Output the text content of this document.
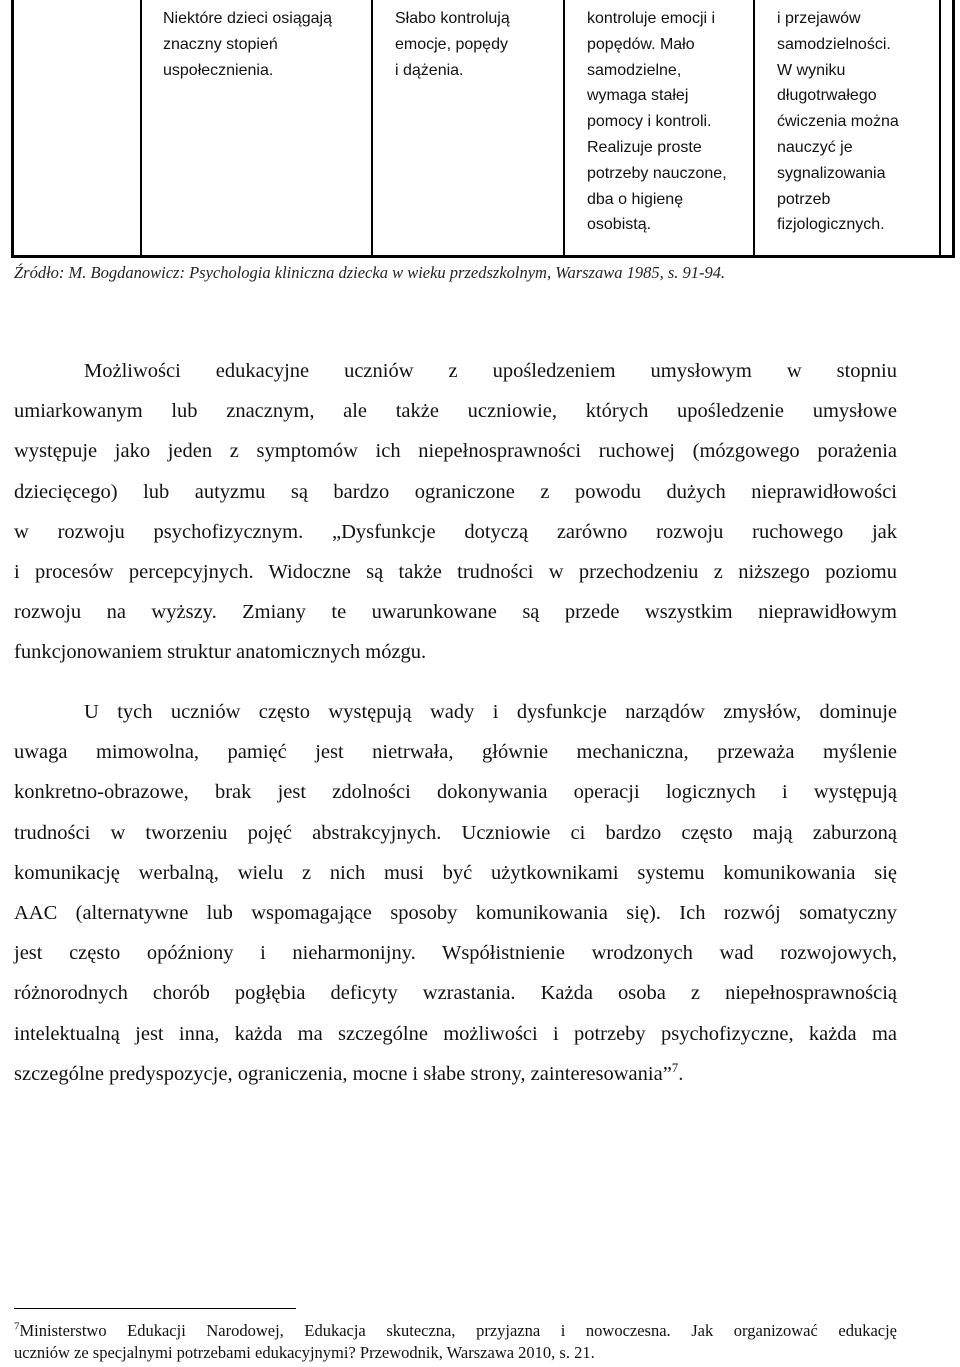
Niektóre dzieci osiągają
znaczny stopień
uspołecznienia.
Słabo kontrolują
emocje, popędy
i dążenia.
kontroluje emocji i
popędów. Mało
samodzielne,
wymaga stałej
pomocy i kontroli.
Realizuje proste
potrzeby nauczone,
dba o higienę
osobistą.
i przejawów
samodzielności.
W wyniku
długotrwałego
ćwiczenia można
nauczyć je
sygnalizowania
potrzeb
fizjologicznych.
Źródło: M. Bogdanowicz: Psychologia kliniczna dziecka w wieku przedszkolnym, Warszawa 1985, s. 91-94.
Możliwości edukacyjne uczniów z upośledzeniem umysłowym w stopniu
umiarkowanym lub znacznym, ale także uczniowie, których upośledzenie umysłowe
występuje jako jeden z symptomów ich niepełnosprawności ruchowej (mózgowego porażenia
dziecięcego) lub autyzmu są bardzo ograniczone z powodu dużych nieprawidłowości
w rozwoju psychofizycznym. „Dysfunkcje dotyczą zarówno rozwoju ruchowego jak
i procesów percepcyjnych. Widoczne są także trudności w przechodzeniu z niższego poziomu
rozwoju na wyższy. Zmiany te uwarunkowane są przede wszystkim nieprawidłowym
funkcjonowaniem struktur anatomicznych mózgu.
U tych uczniów często występują wady i dysfunkcje narządów zmysłów, dominuje
uwaga mimowolna, pamięć jest nietrwała, głównie mechaniczna, przeważa myślenie
konkretno-obrazowe, brak jest zdolności dokonywania operacji logicznych i występują
trudności w tworzeniu pojęć abstrakcyjnych. Uczniowie ci bardzo często mają zaburzoną
komunikację werbalną, wielu z nich musi być użytkownikami systemu komunikowania się
AAC (alternatywne lub wspomagające sposoby komunikowania się). Ich rozwój somatyczny
jest często opóźniony i nieharmonijny. Współistnienie wrodzonych wad rozwojowych,
różnorodnych chorób pogłębia deficyty wzrastania. Każda osoba z niepełnosprawnością
intelektualną jest inna, każda ma szczególne możliwości i potrzeby psychofizyczne, każda ma
szczególne predyspozycje, ograniczenia, mocne i słabe strony, zainteresowania”$^7$.
$^7$Ministerstwo Edukacji Narodowej, Edukacja skuteczna, przyjazna i nowoczesna. Jak organizować edukację
uczniów ze specjalnymi potrzebami edukacyjnymi? Przewodnik, Warszawa 2010, s. 21.
